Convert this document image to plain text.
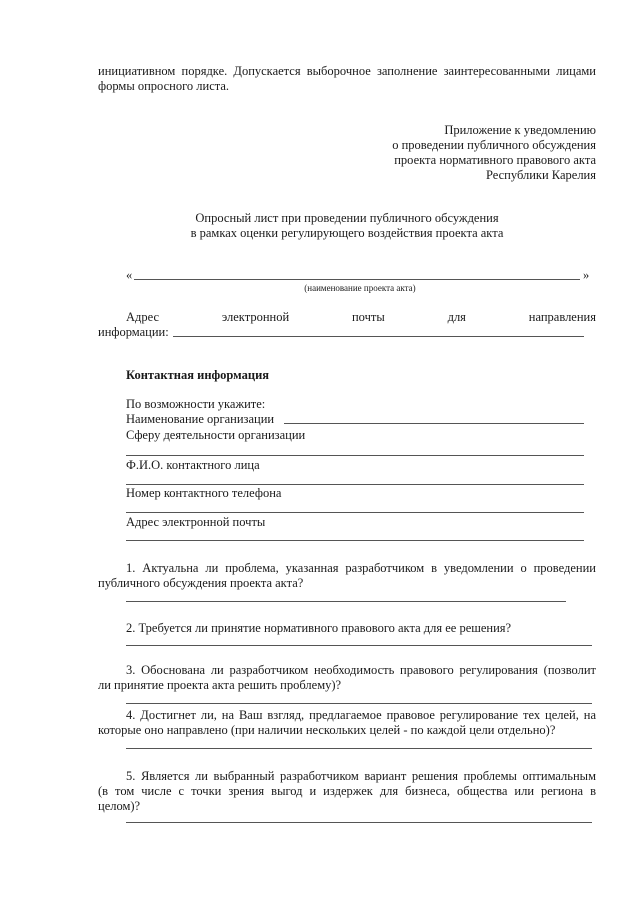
инициативном порядке. Допускается выборочное заполнение заинтересованными лицами
формы опросного листа.
Приложение к уведомлению
о проведении публичного обсуждения
проекта нормативного правового акта
Республики Карелия
Опросный лист при проведении публичного обсуждения
в рамках оценки регулирующего воздействия проекта акта
«	»
(наименование проекта акта)
Адрес	электронной	почты	для	направления
информации:
Контактная информация
По возможности укажите:
Наименование организации
Сферу деятельности организации
Ф.И.О. контактного лица
Номер контактного телефона
Адрес электронной почты
1. Актуальна ли проблема, указанная разработчиком в уведомлении о проведении
публичного обсуждения проекта акта?
2. Требуется ли принятие нормативного правового акта для ее решения?
3. Обоснована ли разработчиком необходимость правового регулирования (позволит
ли принятие проекта акта решить проблему)?
4. Достигнет ли, на Ваш взгляд, предлагаемое правовое регулирование тех целей, на
которые оно направлено (при наличии нескольких целей - по каждой цели отдельно)?
5. Является ли выбранный разработчиком вариант решения проблемы оптимальным
(в том числе с точки зрения выгод и издержек для бизнеса, общества или региона в
целом)?
